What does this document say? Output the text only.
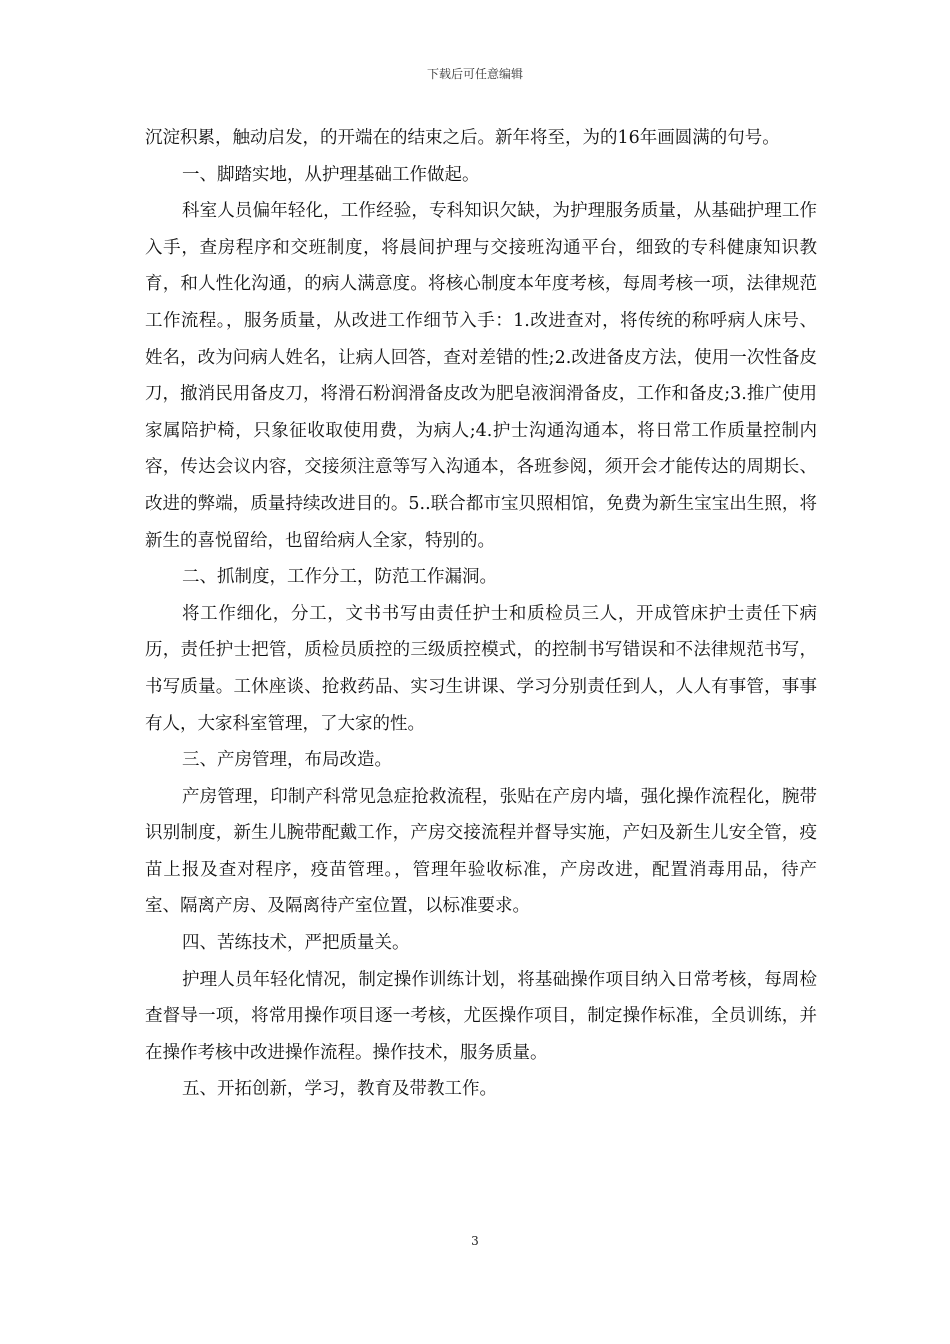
下载后可任意编辑

沉淀积累，触动启发，的开端在的结束之后。新年将至，为的16年画圆满的句号。

一、脚踏实地，从护理基础工作做起。

科室人员偏年轻化，工作经验，专科知识欠缺，为护理服务质量，从基础护理工作入手，查房程序和交班制度，将晨间护理与交接班沟通平台，细致的专科健康知识教育，和人性化沟通，的病人满意度。将核心制度本年度考核，每周考核一项，法律规范工作流程。，服务质量，从改进工作细节入手：1.改进查对，将传统的称呼病人床号、姓名，改为问病人姓名，让病人回答，查对差错的性;2.改进备皮方法，使用一次性备皮刀，撤消民用备皮刀，将滑石粉润滑备皮改为肥皂液润滑备皮，工作和备皮;3.推广使用家属陪护椅，只象征收取使用费，为病人;4.护士沟通沟通本，将日常工作质量控制内容，传达会议内容，交接须注意等写入沟通本，各班参阅，须开会才能传达的周期长、改进的弊端，质量持续改进目的。5..联合都市宝贝照相馆，免费为新生宝宝出生照，将新生的喜悦留给，也留给病人全家，特别的。

二、抓制度，工作分工，防范工作漏洞。

将工作细化，分工，文书书写由责任护士和质检员三人，开成管床护士责任下病历，责任护士把管，质检员质控的三级质控模式，的控制书写错误和不法律规范书写，书写质量。工休座谈、抢救药品、实习生讲课、学习分别责任到人，人人有事管，事事有人，大家科室管理，了大家的性。

三、产房管理，布局改造。

产房管理，印制产科常见急症抢救流程，张贴在产房内墙，强化操作流程化，腕带识别制度，新生儿腕带配戴工作，产房交接流程并督导实施，产妇及新生儿安全管，疫苗上报及查对程序，疫苗管理。，管理年验收标准，产房改进，配置消毒用品，待产室、隔离产房、及隔离待产室位置，以标准要求。

四、苦练技术，严把质量关。

护理人员年轻化情况，制定操作训练计划，将基础操作项目纳入日常考核，每周检查督导一项，将常用操作项目逐一考核，尤医操作项目，制定操作标准，全员训练，并在操作考核中改进操作流程。操作技术，服务质量。

五、开拓创新，学习，教育及带教工作。

3
